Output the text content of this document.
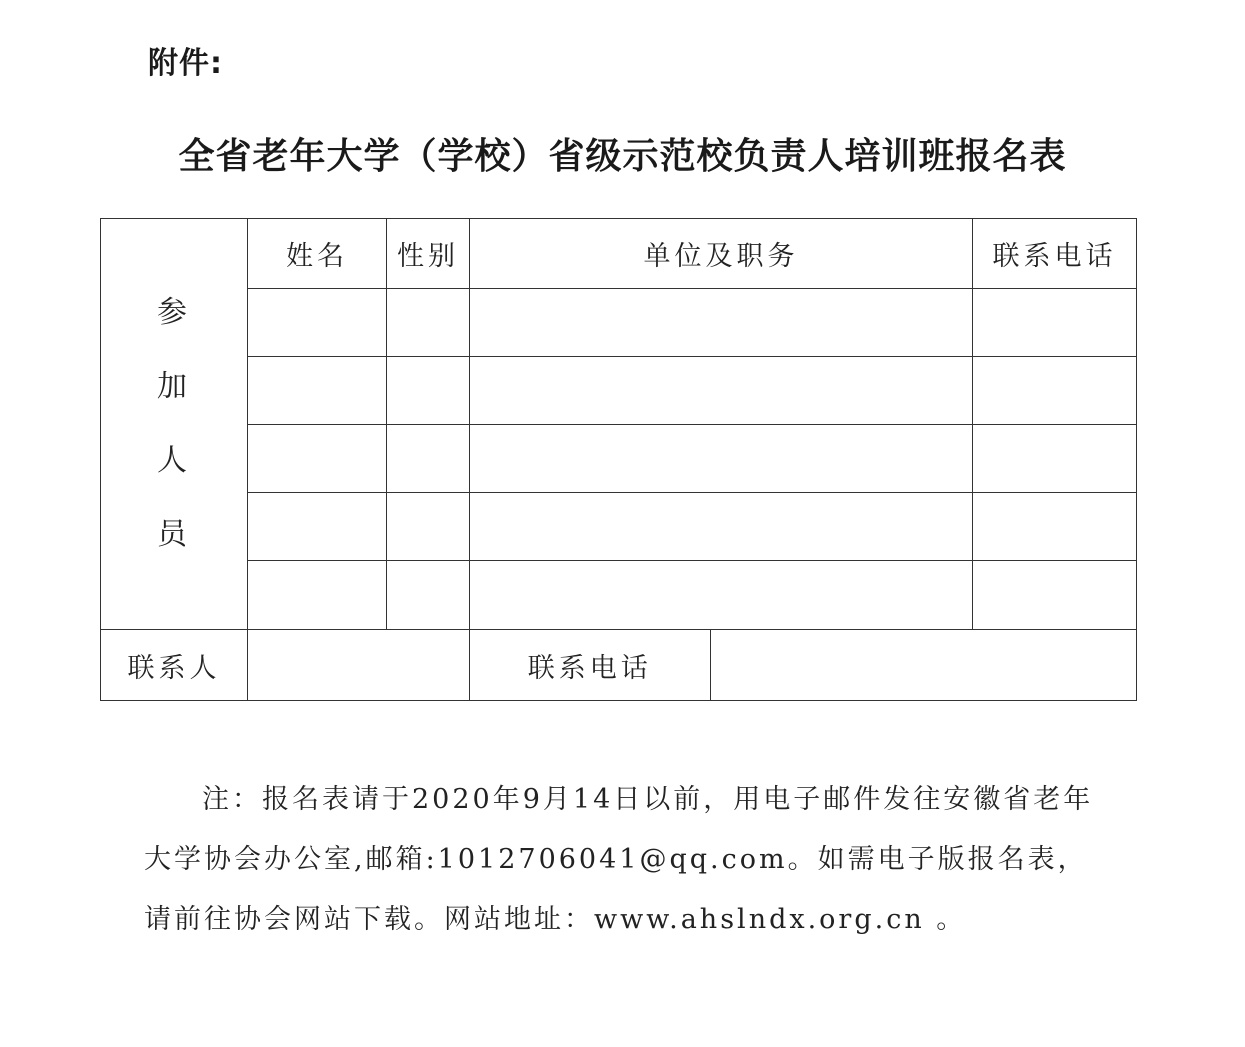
附件:
全省老年大学（学校）省级示范校负责人培训班报名表
参
加
人
员
	姓名	性别	单位及职务	联系电话

联系人			联系电话	
注：报名表请于2020年9月14日以前，用电子邮件发往安徽省老年大学协会办公室,邮箱:1012706041@qq.com。如需电子版报名表，请前往协会网站下载。网站地址：www.ahslndx.org.cn 。
